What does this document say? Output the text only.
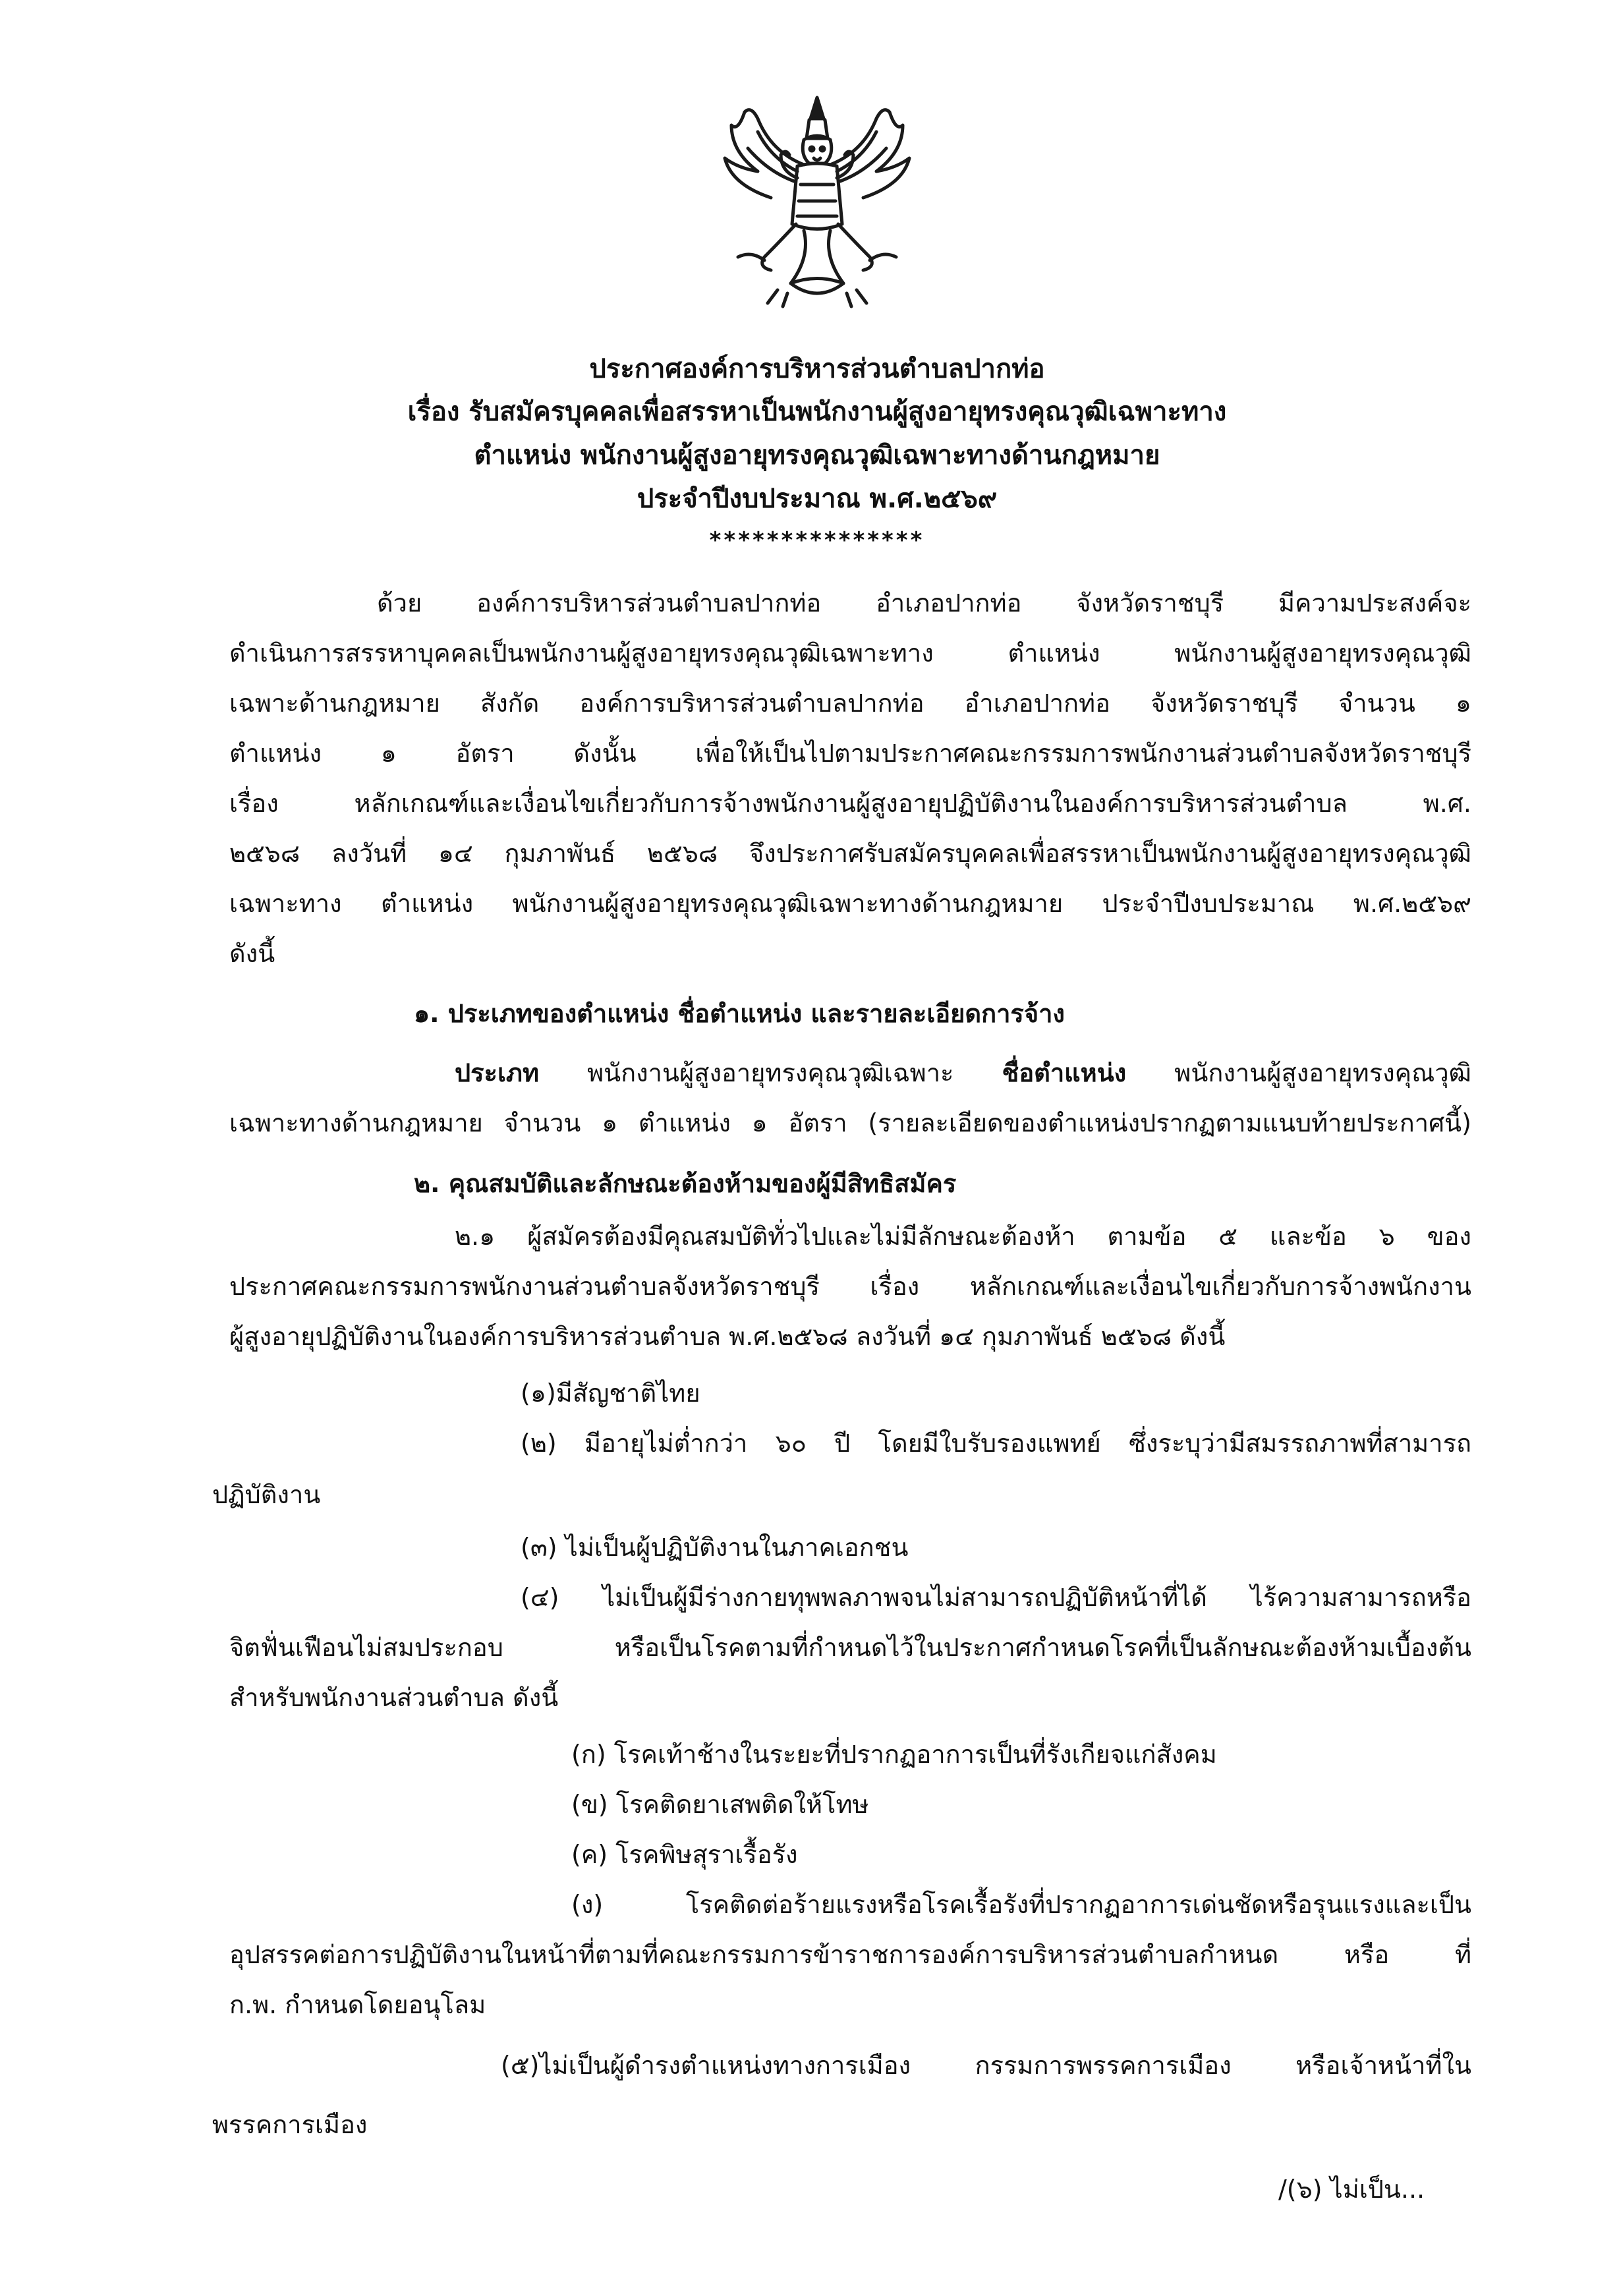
ประกาศองค์การบริหารส่วนตำบลปากท่อ
เรื่อง รับสมัครบุคคลเพื่อสรรหาเป็นพนักงานผู้สูงอายุทรงคุณวุฒิเฉพาะทาง
ตำแหน่ง พนักงานผู้สูงอายุทรงคุณวุฒิเฉพาะทางด้านกฎหมาย
ประจำปีงบประมาณ พ.ศ.๒๕๖๙
***************
ด้วย องค์การบริหารส่วนตำบลปากท่อ อำเภอปากท่อ จังหวัดราชบุรี มีความประสงค์จะ
ดำเนินการสรรหาบุคคลเป็นพนักงานผู้สูงอายุทรงคุณวุฒิเฉพาะทาง ตำแหน่ง พนักงานผู้สูงอายุทรงคุณวุฒิ
เฉพาะด้านกฎหมาย สังกัด องค์การบริหารส่วนตำบลปากท่อ อำเภอปากท่อ จังหวัดราชบุรี จำนวน ๑
ตำแหน่ง ๑ อัตรา ดังนั้น เพื่อให้เป็นไปตามประกาศคณะกรรมการพนักงานส่วนตำบลจังหวัดราชบุรี
เรื่อง หลักเกณฑ์และเงื่อนไขเกี่ยวกับการจ้างพนักงานผู้สูงอายุปฏิบัติงานในองค์การบริหารส่วนตำบล พ.ศ.
๒๕๖๘ ลงวันที่ ๑๔ กุมภาพันธ์ ๒๕๖๘ จึงประกาศรับสมัครบุคคลเพื่อสรรหาเป็นพนักงานผู้สูงอายุทรงคุณวุฒิ
เฉพาะทาง ตำแหน่ง พนักงานผู้สูงอายุทรงคุณวุฒิเฉพาะทางด้านกฎหมาย ประจำปีงบประมาณ พ.ศ.๒๕๖๙
ดังนี้
๑. ประเภทของตำแหน่ง ชื่อตำแหน่ง และรายละเอียดการจ้าง
ประเภท พนักงานผู้สูงอายุทรงคุณวุฒิเฉพาะ ชื่อตำแหน่ง พนักงานผู้สูงอายุทรงคุณวุฒิ
เฉพาะทางด้านกฎหมาย จำนวน ๑ ตำแหน่ง ๑ อัตรา (รายละเอียดของตำแหน่งปรากฏตามแนบท้ายประกาศนี้)
๒. คุณสมบัติและลักษณะต้องห้ามของผู้มีสิทธิสมัคร
๒.๑ ผู้สมัครต้องมีคุณสมบัติทั่วไปและไม่มีลักษณะต้องห้า ตามข้อ ๕ และข้อ ๖ ของ
ประกาศคณะกรรมการพนักงานส่วนตำบลจังหวัดราชบุรี เรื่อง หลักเกณฑ์และเงื่อนไขเกี่ยวกับการจ้างพนักงาน
ผู้สูงอายุปฏิบัติงานในองค์การบริหารส่วนตำบล พ.ศ.๒๕๖๘ ลงวันที่ ๑๔ กุมภาพันธ์ ๒๕๖๘ ดังนี้
(๑)มีสัญชาติไทย
(๒) มีอายุไม่ต่ำกว่า ๖๐ ปี โดยมีใบรับรองแพทย์ ซึ่งระบุว่ามีสมรรถภาพที่สามารถ
ปฏิบัติงาน
(๓) ไม่เป็นผู้ปฏิบัติงานในภาคเอกชน
(๔) ไม่เป็นผู้มีร่างกายทุพพลภาพจนไม่สามารถปฏิบัติหน้าที่ได้ ไร้ความสามารถหรือ
จิตฟั่นเฟือนไม่สมประกอบ หรือเป็นโรคตามที่กำหนดไว้ในประกาศกำหนดโรคที่เป็นลักษณะต้องห้ามเบื้องต้น
สำหรับพนักงานส่วนตำบล ดังนี้
(ก) โรคเท้าช้างในระยะที่ปรากฏอาการเป็นที่รังเกียจแก่สังคม
(ข) โรคติดยาเสพติดให้โทษ
(ค) โรคพิษสุราเรื้อรัง
(ง) โรคติดต่อร้ายแรงหรือโรคเรื้อรังที่ปรากฏอาการเด่นชัดหรือรุนแรงและเป็น
อุปสรรคต่อการปฏิบัติงานในหน้าที่ตามที่คณะกรรมการข้าราชการองค์การบริหารส่วนตำบลกำหนด หรือ ที่
ก.พ. กำหนดโดยอนุโลม
(๕)ไม่เป็นผู้ดำรงตำแหน่งทางการเมือง กรรมการพรรคการเมือง หรือเจ้าหน้าที่ใน
พรรคการเมือง
/(๖) ไม่เป็น...
